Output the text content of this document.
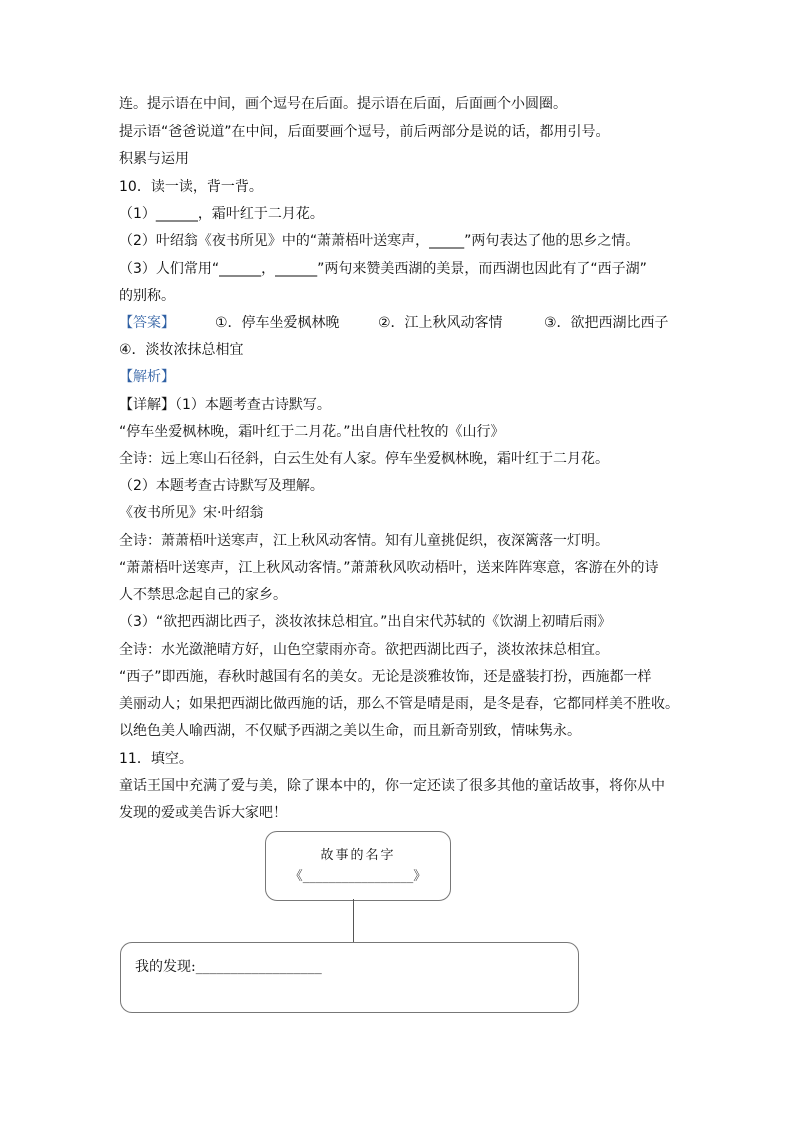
连。提示语在中间，画个逗号在后面。提示语在后面，后面画个小圆圈。
提示语“爸爸说道”在中间，后面要画个逗号，前后两部分是说的话，都用引号。
积累与运用
10．读一读，背一背。
（1）______，霜叶红于二月花。
（2）叶绍翁《夜书所见》中的“萧萧梧叶送寒声，_____”两句表达了他的思乡之情。
（3）人们常用“______，______”两句来赞美西湖的美景，而西湖也因此有了“西子湖”
的别称。
【答案】	①．停车坐爱枫林晚	②．江上秋风动客情	③．欲把西湖比西子
④．淡妆浓抹总相宜
【解析】
【详解】（1）本题考查古诗默写。
“停车坐爱枫林晚，霜叶红于二月花。”出自唐代杜牧的《山行》
全诗：远上寒山石径斜，白云生处有人家。停车坐爱枫林晚，霜叶红于二月花。
（2）本题考查古诗默写及理解。
《夜书所见》宋·叶绍翁
全诗：萧萧梧叶送寒声，江上秋风动客情。知有儿童挑促织，夜深篱落一灯明。
“萧萧梧叶送寒声，江上秋风动客情。”萧萧秋风吹动梧叶，送来阵阵寒意，客游在外的诗
人不禁思念起自己的家乡。
（3）“欲把西湖比西子，淡妆浓抹总相宜。”出自宋代苏轼的《饮湖上初晴后雨》
全诗：水光潋滟晴方好，山色空蒙雨亦奇。欲把西湖比西子，淡妆浓抹总相宜。
“西子”即西施，春秋时越国有名的美女。无论是淡雅妆饰，还是盛装打扮，西施都一样
美丽动人；如果把西湖比做西施的话，那么不管是晴是雨，是冬是春，它都同样美不胜收。
以绝色美人喻西湖，不仅赋予西湖之美以生命，而且新奇别致，情味隽永。
11．填空。
童话王国中充满了爱与美，除了课本中的，你一定还读了很多其他的童话故事，将你从中
发现的爱或美告诉大家吧！
故事的名字
《_________________》
我的发现:__________________
